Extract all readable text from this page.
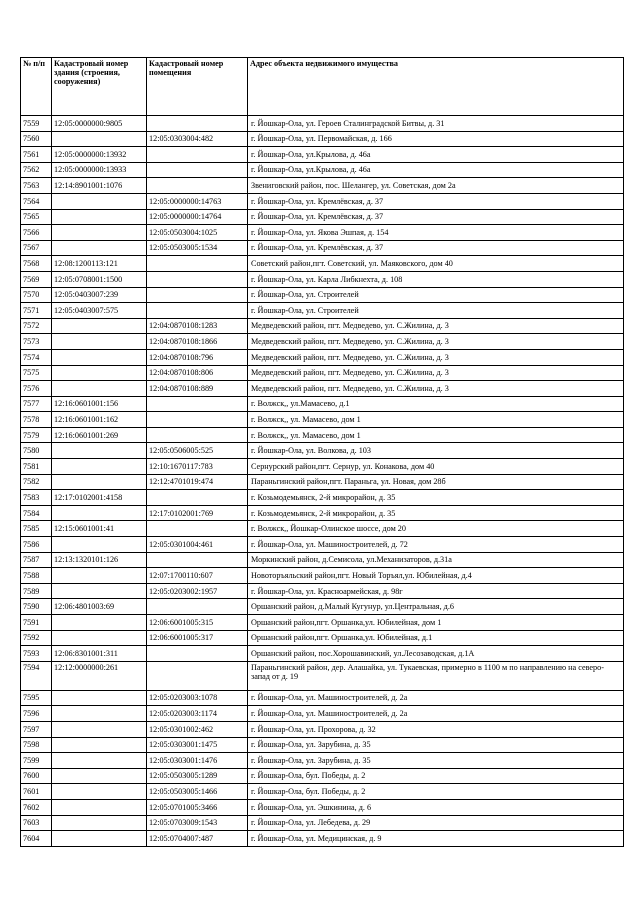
№ п/п	Кадастровый номер здания (строения, сооружения)	Кадастровый номер помещения	Адрес объекта недвижимого имущества
7559	12:05:0000000:9805		г. Йошкар-Ола, ул. Героев Сталинградской Битвы, д. 31
7560		12:05:0303004:482	г. Йошкар-Ола, ул. Первомайская, д. 166
7561	12:05:0000000:13932		г. Йошкар-Ола, ул.Крылова, д. 46а
7562	12:05:0000000:13933		г. Йошкар-Ола, ул.Крылова, д. 46а
7563	12:14:8901001:1076		Звениговский район, пос. Шелангер, ул. Советская, дом 2а
7564		12:05:0000000:14763	г. Йошкар-Ола, ул. Кремлёвская, д. 37
7565		12:05:0000000:14764	г. Йошкар-Ола, ул. Кремлёвская, д. 37
7566		12:05:0503004:1025	г. Йошкар-Ола, ул. Якова Эшпая, д. 154
7567		12:05:0503005:1534	г. Йошкар-Ола, ул. Кремлёвская, д. 37
7568	12:08:1200113:121		Советский район,пгт. Советский, ул. Маяковского, дом 40
7569	12:05:0708001:1500		г. Йошкар-Ола, ул. Карла Либкнехта, д. 108
7570	12:05:0403007:239		г. Йошкар-Ола, ул. Строителей
7571	12:05:0403007:575		г. Йошкар-Ола, ул. Строителей
7572		12:04:0870108:1283	Медведевский район, пгт. Медведево, ул. С.Жилина, д. 3
7573		12:04:0870108:1866	Медведевский район, пгт. Медведево, ул. С.Жилина, д. 3
7574		12:04:0870108:796	Медведевский район, пгт. Медведево, ул. С.Жилина, д. 3
7575		12:04:0870108:806	Медведевский район, пгт. Медведево, ул. С.Жилина, д. 3
7576		12:04:0870108:889	Медведевский район, пгт. Медведево, ул. С.Жилина, д. 3
7577	12:16:0601001:156		г. Волжск,, ул.Мамасево, д.1
7578	12:16:0601001:162		г. Волжск,, ул. Мамасево, дом 1
7579	12:16:0601001:269		г. Волжск,, ул. Мамасево, дом 1
7580		12:05:0506005:525	г. Йошкар-Ола, ул. Волкова, д. 103
7581		12:10:1670117:783	Сернурский район,пгт. Сернур, ул. Конакова, дом 40
7582		12:12:4701019:474	Параньгинский район,пгт. Параньга, ул. Новая, дом 28б
7583	12:17:0102001:4158		г. Козьмодемьянск, 2-й микрорайон, д. 35
7584		12:17:0102001:769	г. Козьмодемьянск, 2-й микрорайон, д. 35
7585	12:15:0601001:41		г. Волжск,, Йошкар-Олинское шоссе, дом 20
7586		12:05:0301004:461	г. Йошкар-Ола, ул. Машиностроителей, д. 72
7587	12:13:1320101:126		Моркинский район, д.Семисола, ул.Механизаторов, д.31а
7588		12:07:1700110:607	Новоторъяльский район,пгт. Новый Торъял,ул. Юбилейная, д.4
7589		12:05:0203002:1957	г. Йошкар-Ола, ул. Красноармейская, д. 98г
7590	12:06:4801003:69		Оршанский район, д.Малый Кугунур, ул.Центральная, д.6
7591		12:06:6001005:315	Оршанский район,пгт. Оршанка,ул. Юбилейная, дом 1
7592		12:06:6001005:317	Оршанский район,пгт. Оршанка,ул. Юбилейная, д.1
7593	12:06:8301001:311		Оршанский район, пос.Хорошавинский, ул.Лесозаводская, д.1А
7594	12:12:0000000:261		Параньгинский район, дер. Алашайка, ул. Тукаевская, примерно в 1100 м по направлению на северо-запад от д. 19
7595		12:05:0203003:1078	г. Йошкар-Ола, ул. Машиностроителей, д. 2а
7596		12:05:0203003:1174	г. Йошкар-Ола, ул. Машиностроителей, д. 2а
7597		12:05:0301002:462	г. Йошкар-Ола, ул. Прохорова, д. 32
7598		12:05:0303001:1475	г. Йошкар-Ола, ул. Зарубина, д. 35
7599		12:05:0303001:1476	г. Йошкар-Ола, ул. Зарубина, д. 35
7600		12:05:0503005:1289	г. Йошкар-Ола, бул. Победы, д. 2
7601		12:05:0503005:1466	г. Йошкар-Ола, бул. Победы, д. 2
7602		12:05:0701005:3466	г. Йошкар-Ола, ул. Эшкинина, д. 6
7603		12:05:0703009:1543	г. Йошкар-Ола, ул. Лебедева, д. 29
7604		12:05:0704007:487	г. Йошкар-Ола, ул. Медицинская, д. 9
